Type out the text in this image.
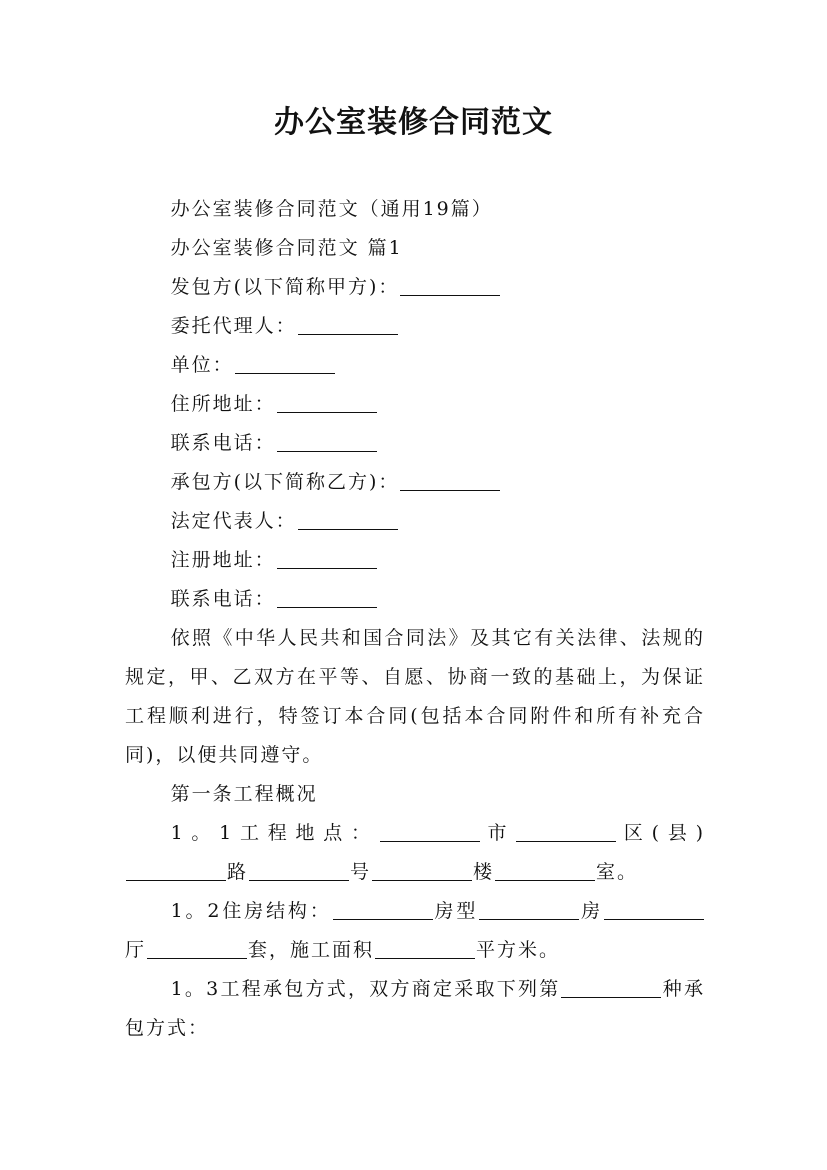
办公室装修合同范文

办公室装修合同范文（通用19篇）

办公室装修合同范文 篇1

发包方(以下简称甲方)：

委托代理人：

单位：

住所地址：

联系电话：

承包方(以下简称乙方)：

法定代表人：

注册地址：

联系电话：

依照《中华人民共和国合同法》及其它有关法律、法规的规定，甲、乙双方在平等、自愿、协商一致的基础上，为保证工程顺利进行，特签订本合同(包括本合同附件和所有补充合同)，以便共同遵守。

第一条工程概况

1。1工程地点：	市	区(县)路	号	楼	室。

1。2住房结构：	房型	房厅	套，施工面积	平方米。

1。3工程承包方式，双方商定采取下列第	种承包方式：
